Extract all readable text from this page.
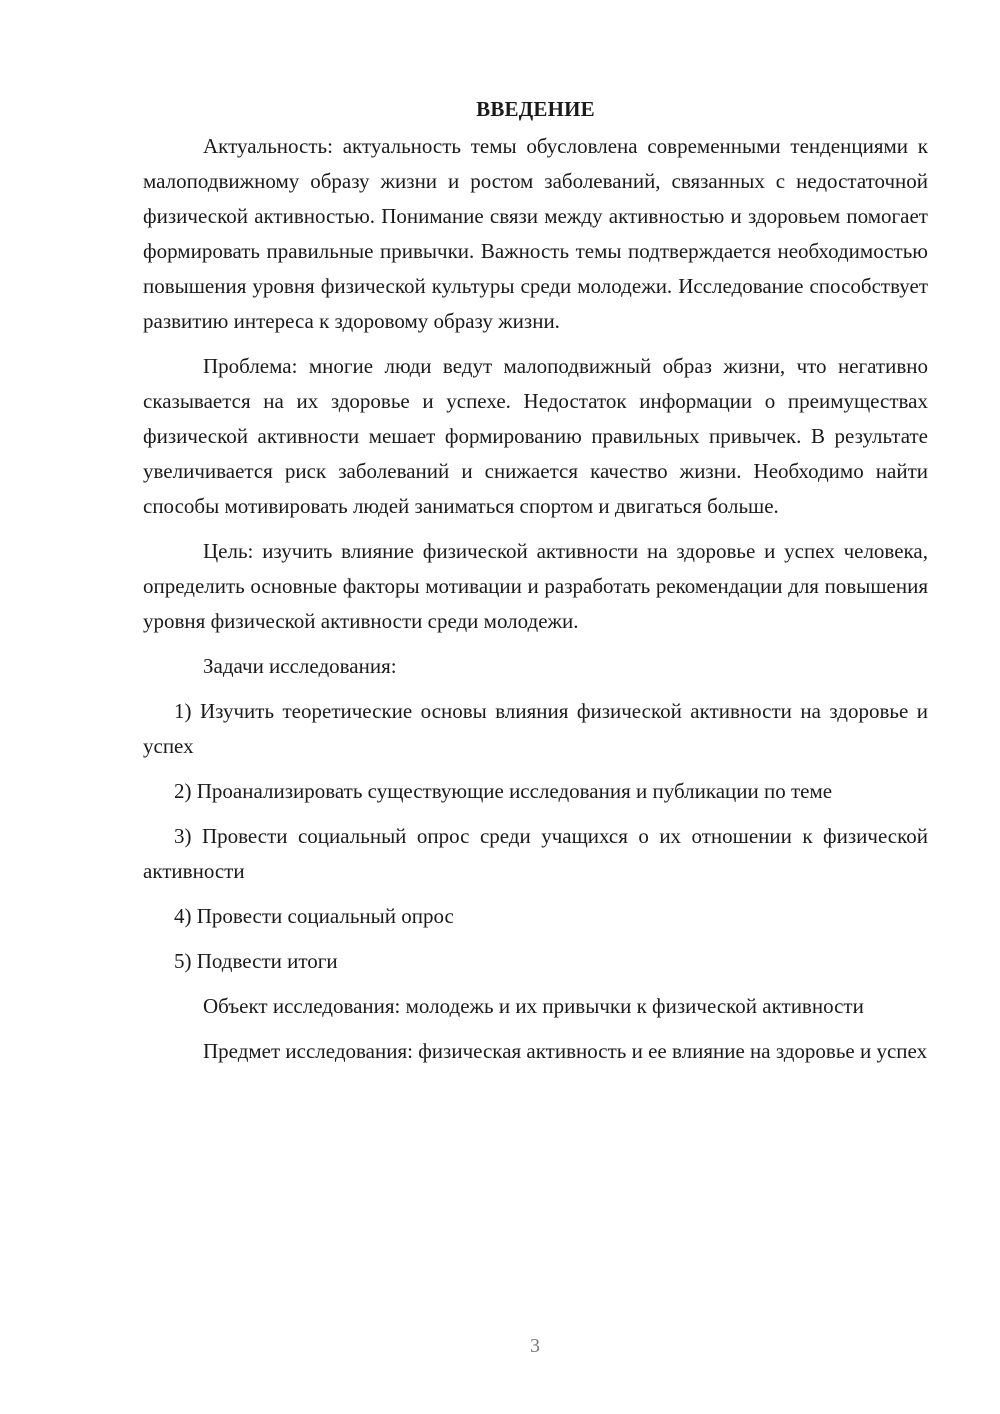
ВВЕДЕНИЕ

Актуальность: актуальность темы обусловлена современными тенденциями к малоподвижному образу жизни и ростом заболеваний, связанных с недостаточной физической активностью. Понимание связи между активностью и здоровьем помогает формировать правильные привычки. Важность темы подтверждается необходимостью повышения уровня физической культуры среди молодежи. Исследование способствует развитию интереса к здоровому образу жизни.

Проблема: многие люди ведут малоподвижный образ жизни, что негативно сказывается на их здоровье и успехе. Недостаток информации о преимуществах физической активности мешает формированию правильных привычек. В результате увеличивается риск заболеваний и снижается качество жизни. Необходимо найти способы мотивировать людей заниматься спортом и двигаться больше.

Цель: изучить влияние физической активности на здоровье и успех человека, определить основные факторы мотивации и разработать рекомендации для повышения уровня физической активности среди молодежи.

Задачи исследования:

1) Изучить теоретические основы влияния физической активности на здоровье и успех

2) Проанализировать существующие исследования и публикации по теме

3) Провести социальный опрос среди учащихся о их отношении к физической активности

4) Провести социальный опрос

5) Подвести итоги

Объект исследования: молодежь и их привычки к физической активности

Предмет исследования: физическая активность и ее влияние на здоровье и успех

3
